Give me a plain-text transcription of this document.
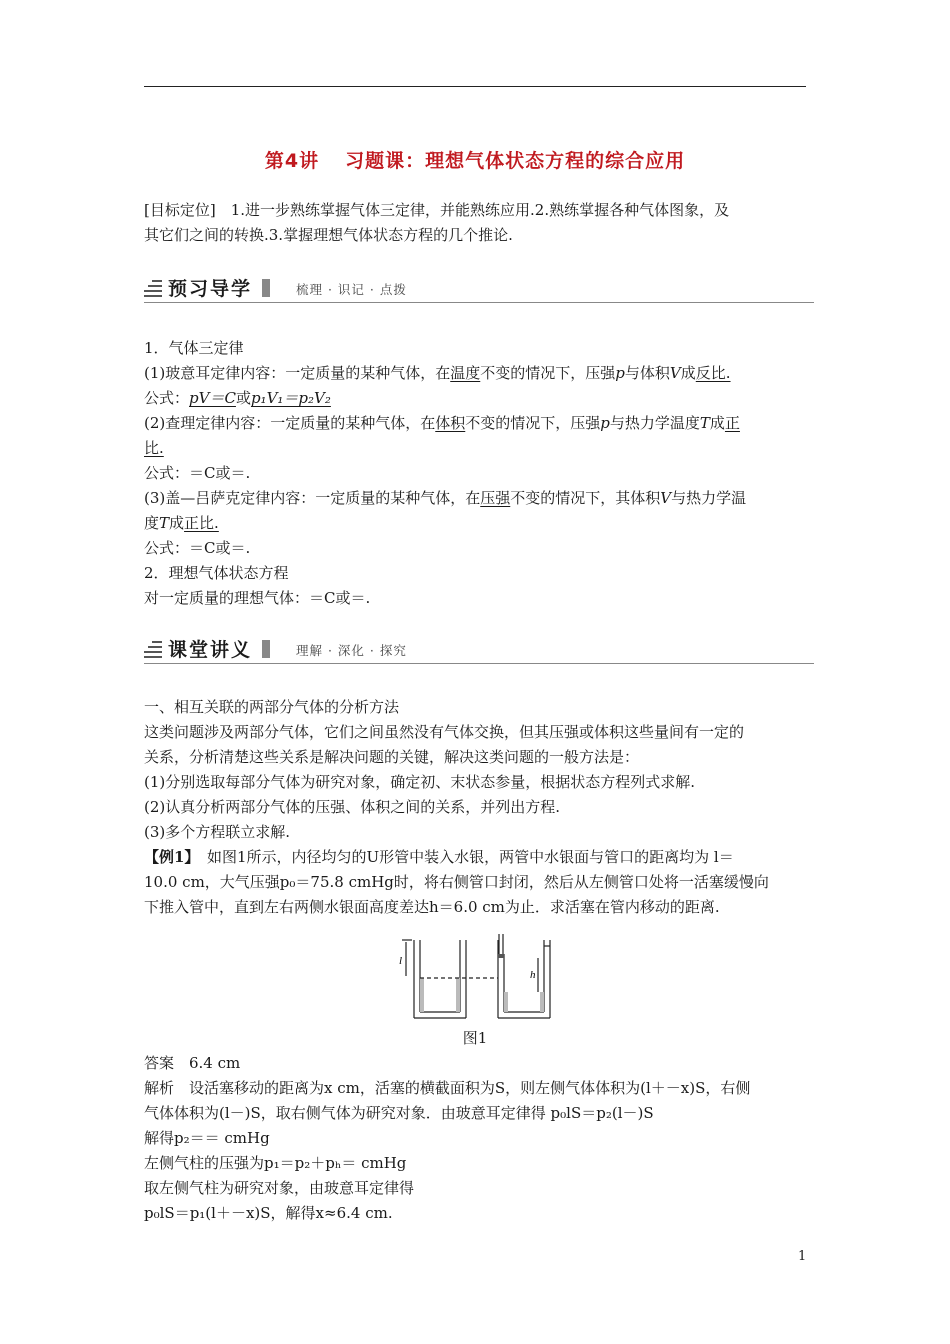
第4讲 习题课：理想气体状态方程的综合应用

[目标定位]　1.进一步熟练掌握气体三定律，并能熟练应用.2.熟练掌握各种气体图象，及

其它们之间的转换.3.掌握理想气体状态方程的几个推论.

预习导学	梳理 · 识记 · 点拨

1．气体三定律

(1)玻意耳定律内容：一定质量的某种气体，在温度不变的情况下，压强p与体积V成反比.

公式：pV＝C或p₁V₁＝p₂V₂

(2)查理定律内容：一定质量的某种气体，在体积不变的情况下，压强p与热力学温度T成正

比.

公式：＝C或＝.

(3)盖—吕萨克定律内容：一定质量的某种气体，在压强不变的情况下，其体积V与热力学温

度T成正比.

公式：＝C或＝.

2．理想气体状态方程

对一定质量的理想气体：＝C或＝.

课堂讲义	理解 · 深化 · 探究

一、相互关联的两部分气体的分析方法

这类问题涉及两部分气体，它们之间虽然没有气体交换，但其压强或体积这些量间有一定的

关系，分析清楚这些关系是解决问题的关键，解决这类问题的一般方法是：

(1)分别选取每部分气体为研究对象，确定初、末状态参量，根据状态方程列式求解.

(2)认真分析两部分气体的压强、体积之间的关系，并列出方程.

(3)多个方程联立求解.

【例1】　如图1所示，内径均匀的U形管中装入水银，两管中水银面与管口的距离均为 l＝

10.0 cm，大气压强p₀＝75.8 cmHg时，将右侧管口封闭，然后从左侧管口处将一活塞缓慢向

下推入管中，直到左右两侧水银面高度差达h＝6.0 cm为止．求活塞在管内移动的距离.

l
h
图1

答案　6.4 cm

解析　设活塞移动的距离为x cm，活塞的横截面积为S，则左侧气体体积为(l＋－x)S，右侧

气体体积为(l－)S，取右侧气体为研究对象．由玻意耳定律得 p₀lS＝p₂(l－)S

解得p₂＝＝ cmHg

左侧气柱的压强为p₁＝p₂＋pₕ＝ cmHg

取左侧气柱为研究对象，由玻意耳定律得

p₀lS＝p₁(l＋－x)S，解得x≈6.4 cm.

1
